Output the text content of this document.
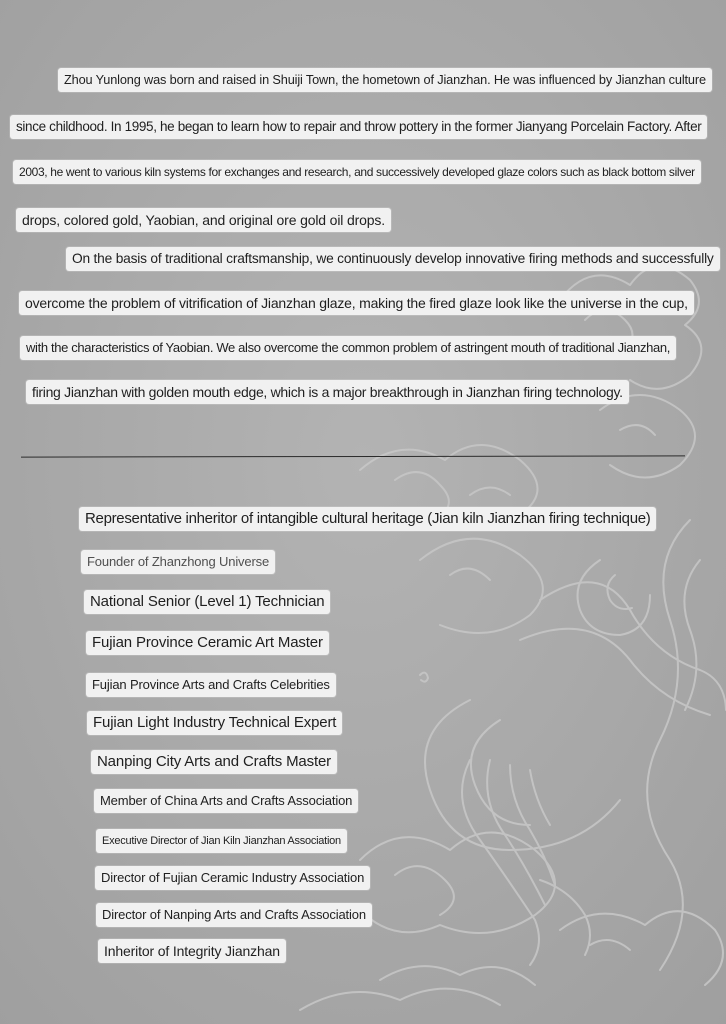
Zhou Yunlong was born and raised in Shuiji Town, the hometown of Jianzhan. He was influenced by Jianzhan culture
since childhood. In 1995, he began to learn how to repair and throw pottery in the former Jianyang Porcelain Factory. After
2003, he went to various kiln systems for exchanges and research, and successively developed glaze colors such as black bottom silver
drops, colored gold, Yaobian, and original ore gold oil drops.
On the basis of traditional craftsmanship, we continuously develop innovative firing methods and successfully
overcome the problem of vitrification of Jianzhan glaze, making the fired glaze look like the universe in the cup,
with the characteristics of Yaobian. We also overcome the common problem of astringent mouth of traditional Jianzhan,
firing Jianzhan with golden mouth edge, which is a major breakthrough in Jianzhan firing technology.
Representative inheritor of intangible cultural heritage (Jian kiln Jianzhan firing technique)
Founder of Zhanzhong Universe
National Senior (Level 1) Technician
Fujian Province Ceramic Art Master
Fujian Province Arts and Crafts Celebrities
Fujian Light Industry Technical Expert
Nanping City Arts and Crafts Master
Member of China Arts and Crafts Association
Executive Director of Jian Kiln Jianzhan Association
Director of Fujian Ceramic Industry Association
Director of Nanping Arts and Crafts Association
Inheritor of Integrity Jianzhan
